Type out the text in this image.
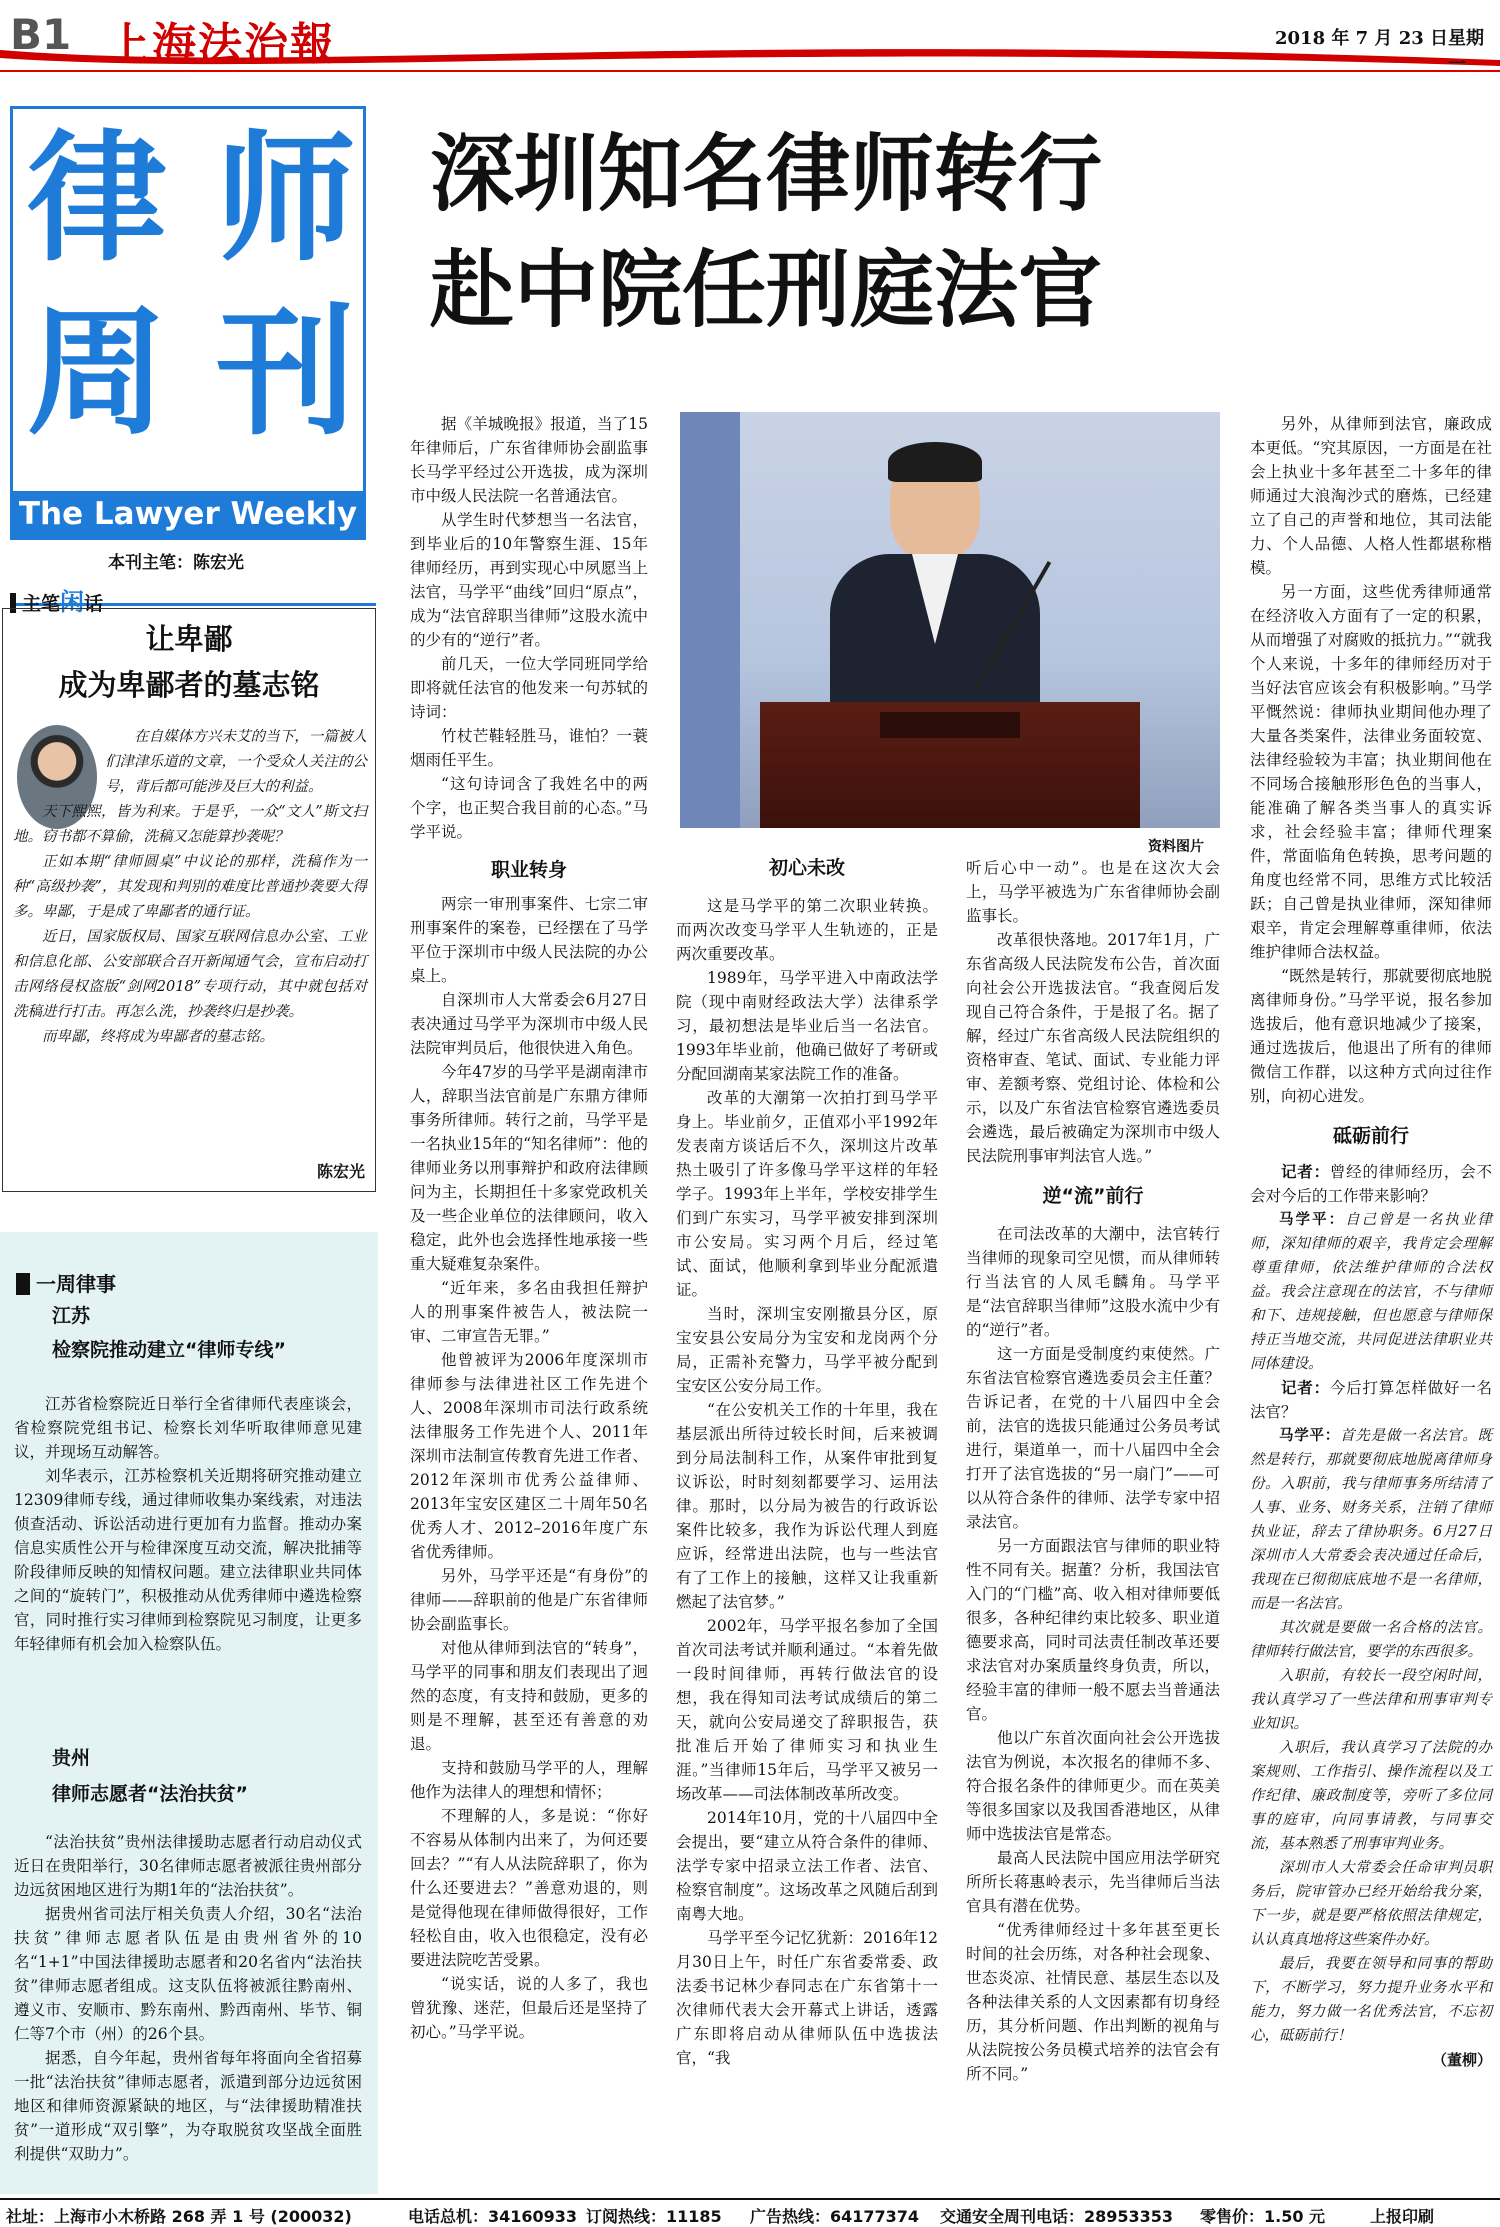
B1 上海法治報	2018 年 7 月 23 日 星期一
律 师
周 刊
The Lawyer Weekly
本刊主笔：陈宏光
深圳知名律师转行
赴中院任刑庭法官
主笔闲话
让卑鄙
成为卑鄙者的墓志铭

在自媒体方兴未艾的当下，一篇被人们津津乐道的文章，一个受众人关注的公号，背后都可能涉及巨大的利益。

天下熙熙，皆为利来。于是乎，一众“文人”斯文扫地。窃书都不算偷，洗稿又怎能算抄袭呢？

正如本期“律师圆桌”中议论的那样，洗稿作为一种“高级抄袭”，其发现和判别的难度比普通抄袭要大得多。卑鄙，于是成了卑鄙者的通行证。

近日，国家版权局、国家互联网信息办公室、工业和信息化部、公安部联合召开新闻通气会，宣布启动打击网络侵权盗版“剑网2018”专项行动，其中就包括对洗稿进行打击。再怎么洗，抄袭终归是抄袭。

而卑鄙，终将成为卑鄙者的墓志铭。

陈宏光
一周律事
江苏
检察院推动建立“律师专线”

江苏省检察院近日举行全省律师代表座谈会，省检察院党组书记、检察长刘华听取律师意见建议，并现场互动解答。

刘华表示，江苏检察机关近期将研究推动建立12309律师专线，通过律师收集办案线索，对违法侦查活动、诉讼活动进行更加有力监督。推动办案信息实质性公开与检律深度互动交流，解决批捕等阶段律师反映的知情权问题。建立法律职业共同体之间的“旋转门”，积极推动从优秀律师中遴选检察官，同时推行实习律师到检察院见习制度，让更多年轻律师有机会加入检察队伍。

贵州
律师志愿者“法治扶贫”

“法治扶贫”贵州法律援助志愿者行动启动仪式近日在贵阳举行，30名律师志愿者被派往贵州部分边远贫困地区进行为期1年的“法治扶贫”。

据贵州省司法厅相关负责人介绍，30名“法治扶贫”律师志愿者队伍是由贵州省外的10名“1+1”中国法律援助志愿者和20名省内“法治扶贫”律师志愿者组成。这支队伍将被派往黔南州、遵义市、安顺市、黔东南州、黔西南州、毕节、铜仁等7个市（州）的26个县。

据悉，自今年起，贵州省每年将面向全省招募一批“法治扶贫”律师志愿者，派遣到部分边远贫困地区和律师资源紧缺的地区，与“法律援助精准扶贫”一道形成“双引擎”，为夺取脱贫攻坚战全面胜利提供“双助力”。

据《羊城晚报》报道，当了15年律师后，广东省律师协会副监事长马学平经过公开选拔，成为深圳市中级人民法院一名普通法官。

从学生时代梦想当一名法官，到毕业后的10年警察生涯、15年律师经历，再到实现心中夙愿当上法官，马学平“曲线”回归“原点”，成为“法官辞职当律师”这股水流中的少有的“逆行”者。

前几天，一位大学同班同学给即将就任法官的他发来一句苏轼的诗词：

竹杖芒鞋轻胜马，谁怕？一蓑烟雨任平生。

“这句诗词含了我姓名中的两个字，也正契合我目前的心态。”马学平说。

职业转身

两宗一审刑事案件、七宗二审刑事案件的案卷，已经摆在了马学平位于深圳市中级人民法院的办公桌上。

自深圳市人大常委会6月27日表决通过马学平为深圳市中级人民法院审判员后，他很快进入角色。

今年47岁的马学平是湖南津市人，辞职当法官前是广东鼎方律师事务所律师。转行之前，马学平是一名执业15年的“知名律师”：他的律师业务以刑事辩护和政府法律顾问为主，长期担任十多家党政机关及一些企业单位的法律顾问，收入稳定，此外也会选择性地承接一些重大疑难复杂案件。

“近年来，多名由我担任辩护人的刑事案件被告人，被法院一审、二审宣告无罪。”

他曾被评为2006年度深圳市律师参与法律进社区工作先进个人、2008年深圳市司法行政系统法律服务工作先进个人、2011年深圳市法制宣传教育先进工作者、2012年深圳市优秀公益律师、2013年宝安区建区二十周年50名优秀人才、2012–2016年度广东省优秀律师。

另外，马学平还是“有身份”的律师——辞职前的他是广东省律师协会副监事长。

对他从律师到法官的“转身”，马学平的同事和朋友们表现出了迥然的态度，有支持和鼓励，更多的则是不理解，甚至还有善意的劝退。

支持和鼓励马学平的人，理解他作为法律人的理想和情怀；

不理解的人，多是说：“你好不容易从体制内出来了，为何还要回去？”“有人从法院辞职了，你为什么还要进去？”善意劝退的，则是觉得他现在律师做得很好，工作轻松自由，收入也很稳定，没有必要进法院吃苦受累。

“说实话，说的人多了，我也曾犹豫、迷茫，但最后还是坚持了初心。”马学平说。

资料图片
初心未改

这是马学平的第二次职业转换。而两次改变马学平人生轨迹的，正是两次重要改革。

1989年，马学平进入中南政法学院（现中南财经政法大学）法律系学习，最初想法是毕业后当一名法官。1993年毕业前，他确已做好了考研或分配回湖南某家法院工作的准备。

改革的大潮第一次拍打到马学平身上。毕业前夕，正值邓小平1992年发表南方谈话后不久，深圳这片改革热土吸引了许多像马学平这样的年轻学子。1993年上半年，学校安排学生们到广东实习，马学平被安排到深圳市公安局。实习两个月后，经过笔试、面试，他顺利拿到毕业分配派遣证。

当时，深圳宝安刚撤县分区，原宝安县公安局分为宝安和龙岗两个分局，正需补充警力，马学平被分配到宝安区公安分局工作。

“在公安机关工作的十年里，我在基层派出所待过较长时间，后来被调到分局法制科工作，从案件审批到复议诉讼，时时刻刻都要学习、运用法律。那时，以分局为被告的行政诉讼案件比较多，我作为诉讼代理人到庭应诉，经常进出法院，也与一些法官有了工作上的接触，这样又让我重新燃起了法官梦。”

2002年，马学平报名参加了全国首次司法考试并顺利通过。“本着先做一段时间律师，再转行做法官的设想，我在得知司法考试成绩后的第二天，就向公安局递交了辞职报告，获批准后开始了律师实习和执业生涯。”当律师15年后，马学平又被另一场改革——司法体制改革所改变。

2014年10月，党的十八届四中全会提出，要“建立从符合条件的律师、法学专家中招录立法工作者、法官、检察官制度”。这场改革之风随后刮到南粤大地。

马学平至今记忆犹新：2016年12月30日上午，时任广东省委常委、政法委书记林少春同志在广东省第十一次律师代表大会开幕式上讲话，透露广东即将启动从律师队伍中选拔法官，“我

听后心中一动”。也是在这次大会上，马学平被选为广东省律师协会副监事长。

改革很快落地。2017年1月，广东省高级人民法院发布公告，首次面向社会公开选拔法官。“我查阅后发现自己符合条件，于是报了名。据了解，经过广东省高级人民法院组织的资格审查、笔试、面试、专业能力评审、差额考察、党组讨论、体检和公示，以及广东省法官检察官遴选委员会遴选，最后被确定为深圳市中级人民法院刑事审判法官人选。”

逆“流”前行

在司法改革的大潮中，法官转行当律师的现象司空见惯，而从律师转行当法官的人凤毛麟角。马学平是“法官辞职当律师”这股水流中少有的“逆行”者。

这一方面是受制度约束使然。广东省法官检察官遴选委员会主任董？告诉记者，在党的十八届四中全会前，法官的选拔只能通过公务员考试进行，渠道单一，而十八届四中全会打开了法官选拔的“另一扇门”——可以从符合条件的律师、法学专家中招录法官。

另一方面跟法官与律师的职业特性不同有关。据董？分析，我国法官入门的“门槛”高、收入相对律师要低很多，各种纪律约束比较多、职业道德要求高，同时司法责任制改革还要求法官对办案质量终身负责，所以，经验丰富的律师一般不愿去当普通法官。

他以广东首次面向社会公开选拔法官为例说，本次报名的律师不多、符合报名条件的律师更少。而在英美等很多国家以及我国香港地区，从律师中选拔法官是常态。

最高人民法院中国应用法学研究所所长蒋惠岭表示，先当律师后当法官具有潜在优势。

“优秀律师经过十多年甚至更长时间的社会历练，对各种社会现象、世态炎凉、社情民意、基层生态以及各种法律关系的人文因素都有切身经历，其分析问题、作出判断的视角与从法院按公务员模式培养的法官会有所不同。”

另外，从律师到法官，廉政成本更低。“究其原因，一方面是在社会上执业十多年甚至二十多年的律师通过大浪淘沙式的磨炼，已经建立了自己的声誉和地位，其司法能力、个人品德、人格人性都堪称楷模。

另一方面，这些优秀律师通常在经济收入方面有了一定的积累，从而增强了对腐败的抵抗力。”“就我个人来说，十多年的律师经历对于当好法官应该会有积极影响。”马学平慨然说：律师执业期间他办理了大量各类案件，法律业务面较宽、法律经验较为丰富；执业期间他在不同场合接触形形色色的当事人，能准确了解各类当事人的真实诉求，社会经验丰富；律师代理案件，常面临角色转换，思考问题的角度也经常不同，思维方式比较活跃；自己曾是执业律师，深知律师艰辛，肯定会理解尊重律师，依法维护律师合法权益。

“既然是转行，那就要彻底地脱离律师身份。”马学平说，报名参加选拔后，他有意识地减少了接案，通过选拔后，他退出了所有的律师微信工作群，以这种方式向过往作别，向初心进发。

砥砺前行

记者：曾经的律师经历，会不会对今后的工作带来影响？

马学平：自己曾是一名执业律师，深知律师的艰辛，我肯定会理解尊重律师，依法维护律师的合法权益。我会注意现在的法官，不与律师和下、违规接触，但也愿意与律师保持正当地交流，共同促进法律职业共同体建设。

记者：今后打算怎样做好一名法官？

马学平：首先是做一名法官。既然是转行，那就要彻底地脱离律师身份。入职前，我与律师事务所结清了人事、业务、财务关系，注销了律师执业证，辞去了律协职务。6月27日深圳市人大常委会表决通过任命后，我现在已彻彻底底地不是一名律师，而是一名法官。

其次就是要做一名合格的法官。律师转行做法官，要学的东西很多。

入职前，有较长一段空闲时间，我认真学习了一些法律和刑事审判专业知识。

入职后，我认真学习了法院的办案规则、工作指引、操作流程以及工作纪律、廉政制度等，旁听了多位同事的庭审，向同事请教，与同事交流，基本熟悉了刑事审判业务。

深圳市人大常委会任命审判员职务后，院审管办已经开始给我分案，下一步，就是要严格依照法律规定，认认真真地将这些案件办好。

最后，我要在领导和同事的帮助下，不断学习，努力提升业务水平和能力，努力做一名优秀法官，不忘初心，砥砺前行！

（董柳）
社址：上海市小木桥路 268 弄 1 号 (200032)	电话总机：34160933 订阅热线：11185 广告热线：64177374 交通安全周刊电话：28953353 零售价：1.50 元	上报印刷
